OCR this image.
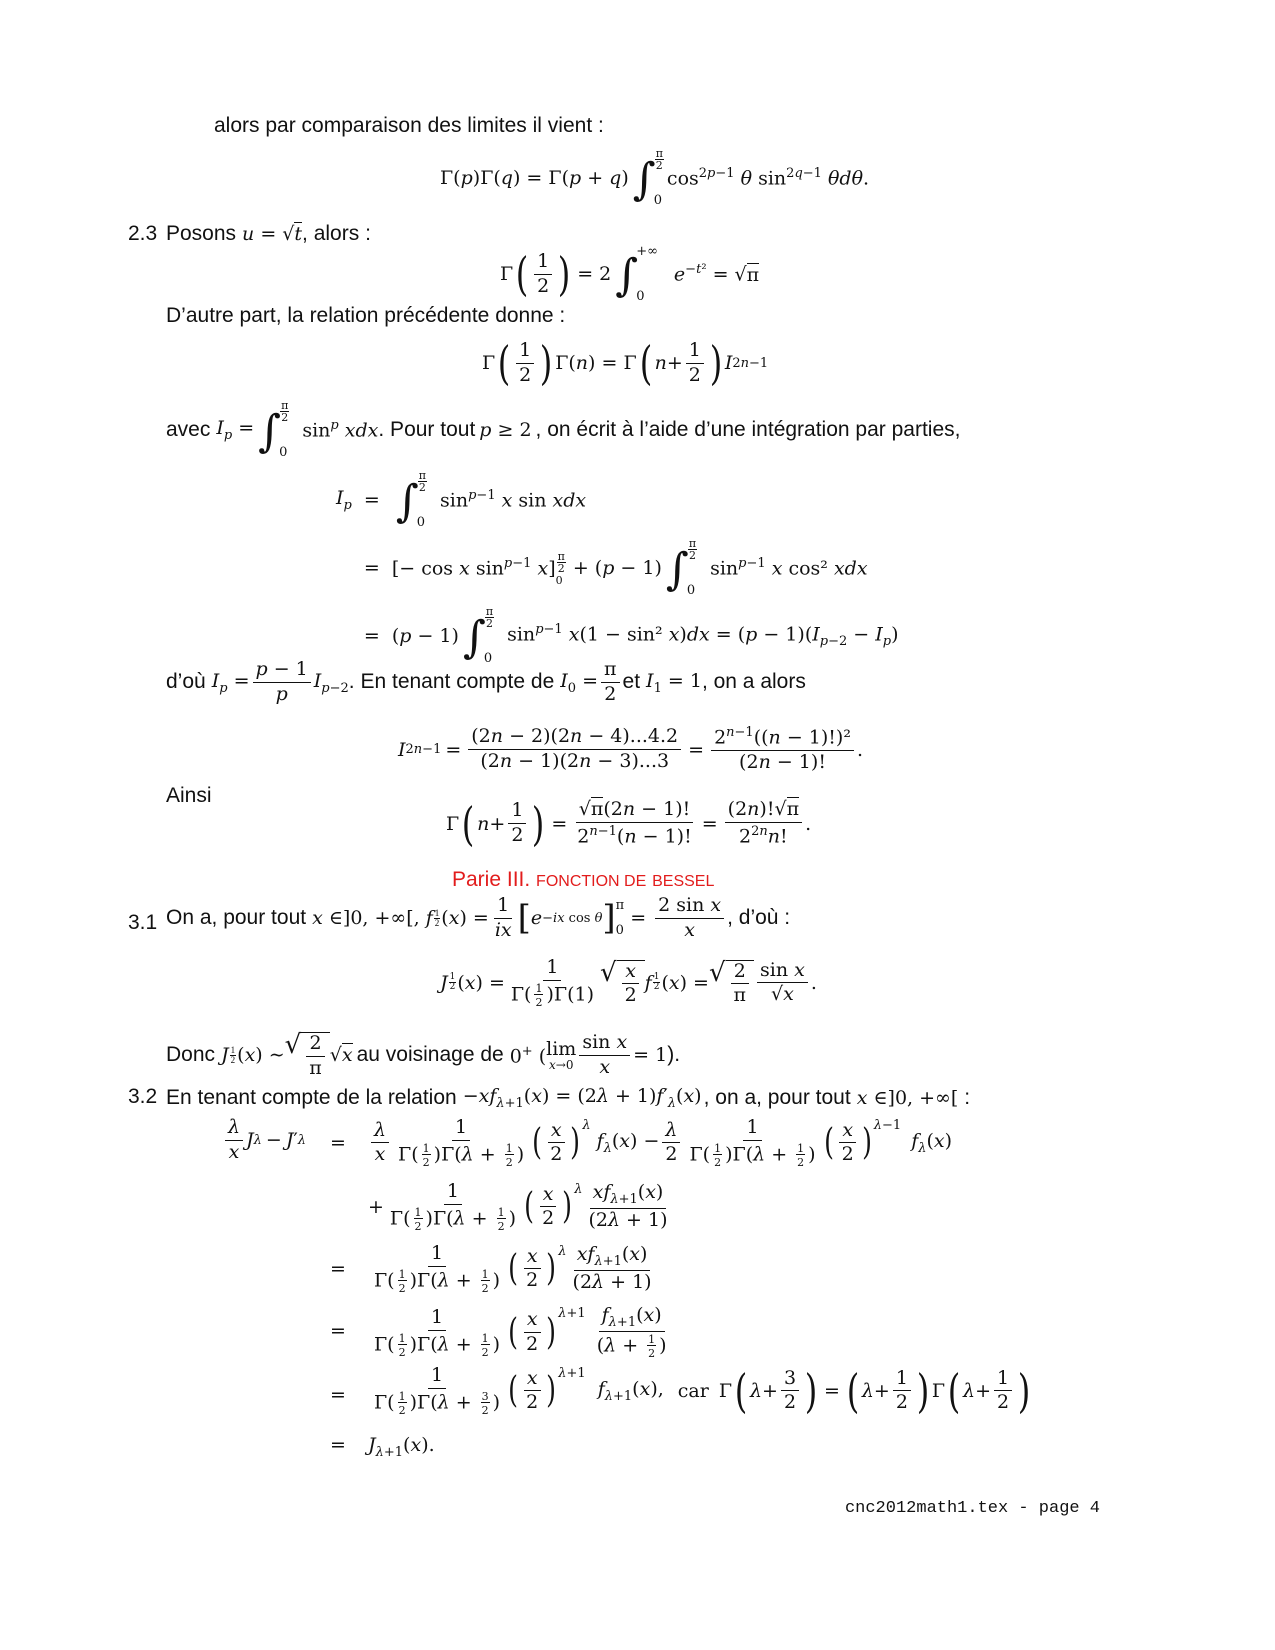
alors par comparaison des limites il vient :
Γ(p)Γ(q) = Γ(p + q) ∫ $\frac{\pi}{2}$
0
$\cos^{2p-1} \theta$ $\sin^{2q-1} \theta d\theta$.
2.3 Posons u = √t , alors :
Γ ( $\frac{1}{2}$ ) = 2 ∫
+∞
0
$e^{-t^2} = √\pi$
D’autre part, la relation précédente donne :
Γ ( $\frac{1}{2}$ ) Γ(n) = Γ ( $n + \frac{1}{2}$ ) I 2n−1
avec $I_p$ = ∫ $\frac{\pi}{2}$
0
$\sin^p$ xdx . Pour tout p ≥ 2 , on écrit à l’aide d’une intégration par parties,
$I_p$ = ∫ $\frac{\pi}{2}$
0
$\sin^{p-1} x$ sin xdx
= [− cos x $\sin^{p-1} x] \frac{\pi}{2}$
0
+ (p − 1) ∫ $\frac{\pi}{2}$
0
$\sin^{p-1} x$ cos² xdx
= (p − 1) ∫ $\frac{\pi}{2}$
0
$\sin^{p-1} x(1 - \sin^2$ $x)dx = (p - 1)(I_{p-2} - I_p)$
d’où $I_p = \frac{p - 1}{p} I_{p-2}$ . En tenant compte de $I_0 = \frac{\pi}{2}$ et $I_1 = 1$ , on a alors
I $2n-1 = \frac{(2n - 2)(2n - 4)...4.2}{(2n - 1)(2n - 3)...3} = \frac{2^{n-1}((n - 1)!)^2}{(2n - 1)!}$ .
Ainsi
Γ ( $n + \frac{1}{2}$ ) = $\frac{√\pi(2n - 1)!}{2^{n-1}(n - 1)!} = \frac{(2n)!√\pi}{2^{2n}n!}$ .
Parie III. FONCTION DE BESSEL
3.1 On a, pour tout x ∈]0, +∞[, f $\frac{1}{2} (x) = \frac{1}{ix}$ [ e −ix cos θ ] π
0
= $\frac{\text{2 sin x}}{x}$ , d’où :
J $\frac{1}{2} (x) = \frac{1}{\Gamma( \frac{1}{2} )\Gamma(1)}$ √ $\frac{x}{2}$ f $\frac{1}{2} (x)$ = √ $\frac{2}{\pi} \frac{\text{sin x}}{√x}$ .
Donc J $\frac{1}{2} (x)$ ∼ √ $\frac{2}{\pi} √x$ au voisinage de 0+ ( lim
$x\to 0 \frac{\text{sin x}}{x} = 1$ ).
3.2 En tenant compte de la relation $-xf_{\lambda+1}(x) = (2\lambda + 1)f'_\lambda(x)$ , on a, pour tout x ∈]0, +∞[ :
$\frac{\lambda}{x}$ J λ − J ′ $\lambda = \frac{\lambda}{x} \frac{1}{\Gamma( \frac{1}{2} )\Gamma(\lambda + \frac{1}{2} )}$ ( $\frac{x}{2} )^\lambda$
$f_\lambda(x) - \frac{\lambda}{2} \frac{1}{\Gamma( \frac{1}{2} )\Gamma(\lambda + \frac{1}{2} )}$ ( $\frac{x}{2}$ ) $^{\lambda-1}$
$f_\lambda(x)$
+ $\frac{1}{\Gamma( \frac{1}{2} )\Gamma(\lambda + \frac{1}{2} )}$ ( $\frac{x}{2} )^\lambda \frac{xf_{\lambda+1}(x)}{(2\lambda + 1)}$
= $\frac{1}{\Gamma( \frac{1}{2} )\Gamma(\lambda + \frac{1}{2} )}$ ( $\frac{x}{2} )^\lambda \frac{xf_{\lambda+1}(x)}{(2\lambda + 1)}$
= $\frac{1}{\Gamma( \frac{1}{2} )\Gamma(\lambda + \frac{1}{2} )}$ ( $\frac{x}{2}$ ) $^{\lambda+1} \frac{f_{\lambda+1}(x)}{(\lambda + \frac{1}{2} )}$
= $\frac{1}{\Gamma( \frac{1}{2} )\Gamma(\lambda + \frac{3}{2} )}$ ( $\frac{x}{2}$ ) $^{\lambda+1}$
$f_{\lambda+1}(x)$, car Γ ( $\lambda + \frac{3}{2}$ ) = ( $\lambda + \frac{1}{2}$ ) Γ ( $\lambda + \frac{1}{2}$ )
= $J_{\lambda+1}(x)$.
cnc2012math1.tex - page 4
